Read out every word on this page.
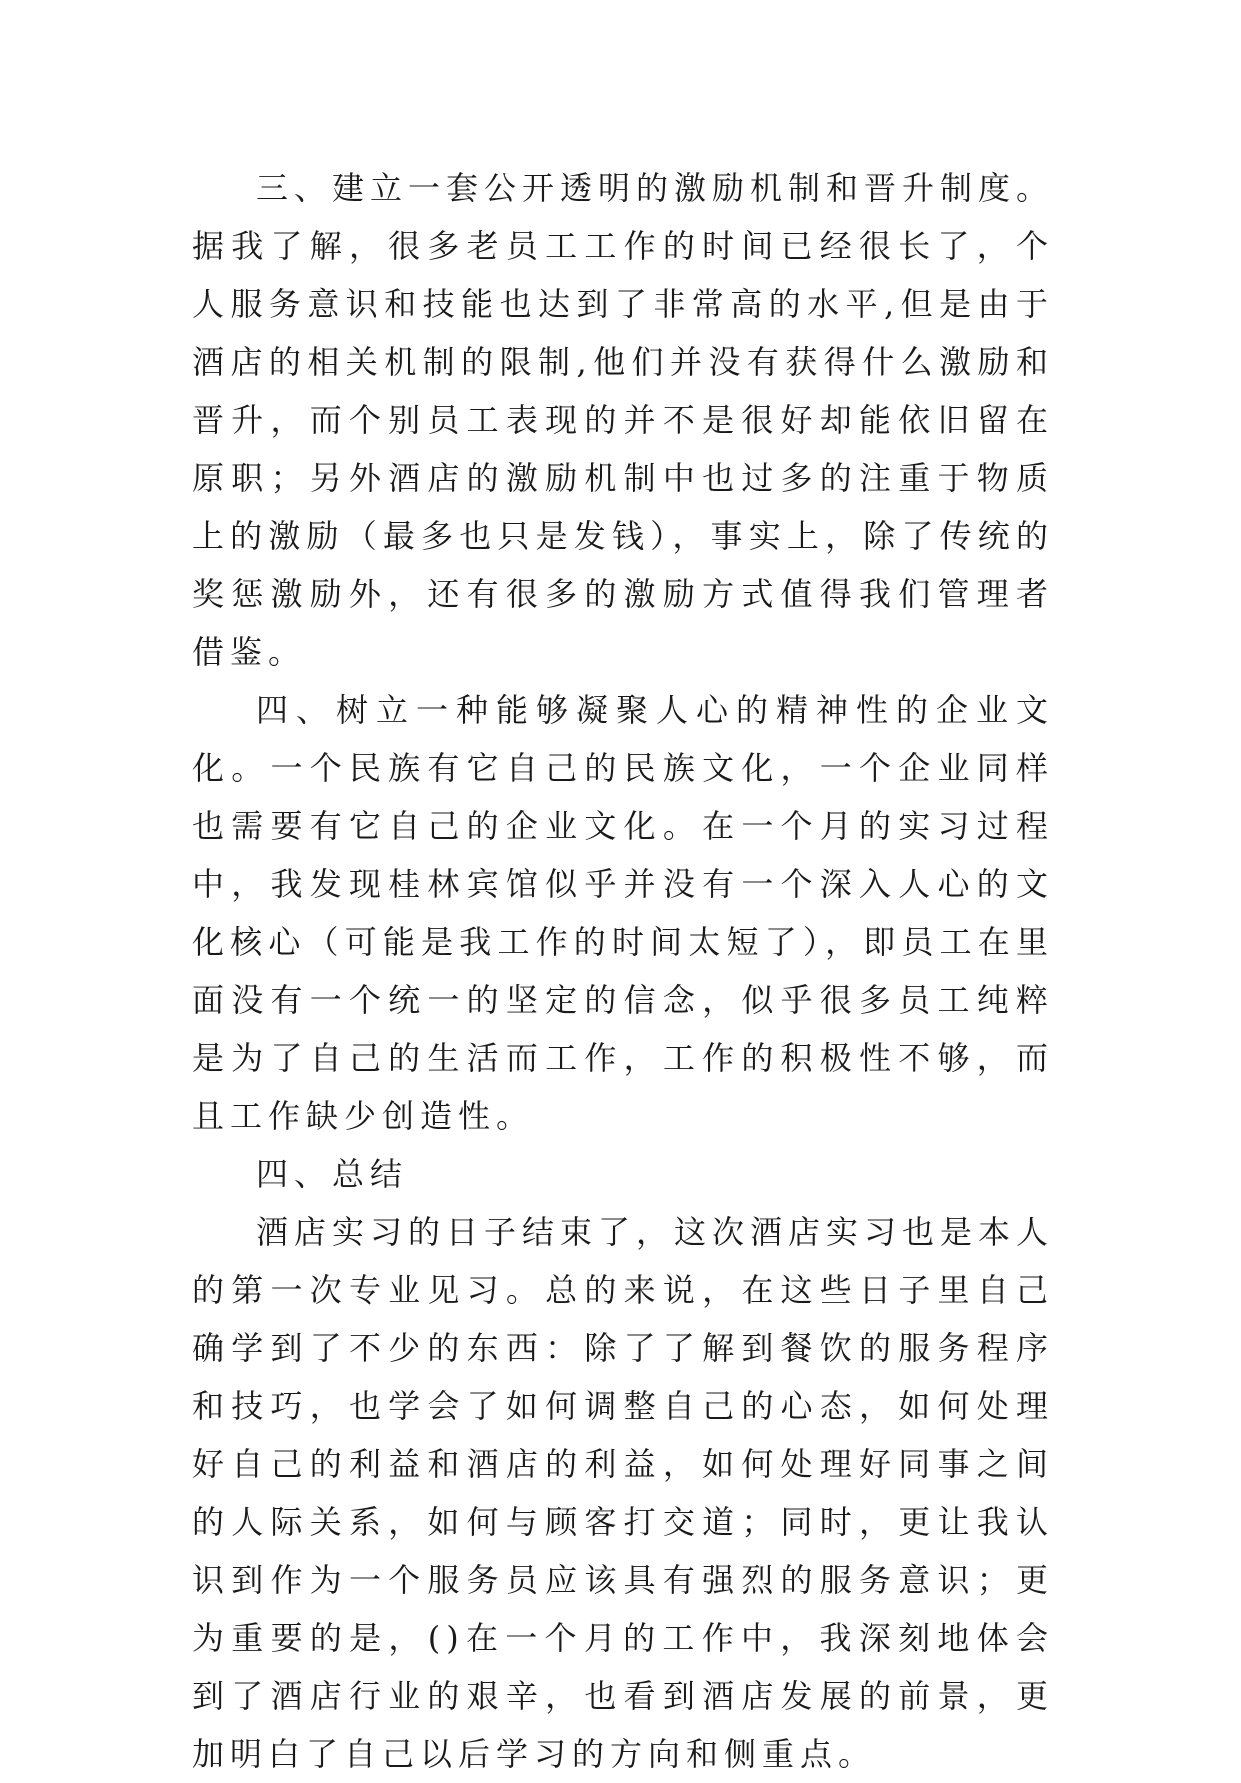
三、建立一套公开透明的激励机制和晋升制度。据我了解，很多老员工工作的时间已经很长了，个人服务意识和技能也达到了非常高的水平,但是由于酒店的相关机制的限制,他们并没有获得什么激励和晋升，而个别员工表现的并不是很好却能依旧留在原职；另外酒店的激励机制中也过多的注重于物质上的激励（最多也只是发钱），事实上，除了传统的奖惩激励外，还有很多的激励方式值得我们管理者借鉴。

四、树立一种能够凝聚人心的精神性的企业文化。一个民族有它自己的民族文化，一个企业同样也需要有它自己的企业文化。在一个月的实习过程中，我发现桂林宾馆似乎并没有一个深入人心的文化核心（可能是我工作的时间太短了），即员工在里面没有一个统一的坚定的信念，似乎很多员工纯粹是为了自己的生活而工作，工作的积极性不够，而且工作缺少创造性。

四、总结

酒店实习的日子结束了，这次酒店实习也是本人的第一次专业见习。总的来说，在这些日子里自己确学到了不少的东西：除了了解到餐饮的服务程序和技巧，也学会了如何调整自己的心态，如何处理好自己的利益和酒店的利益，如何处理好同事之间的人际关系，如何与顾客打交道；同时，更让我认识到作为一个服务员应该具有强烈的服务意识；更为重要的是，()在一个月的工作中，我深刻地体会到了酒店行业的艰辛，也看到酒店发展的前景，更加明白了自己以后学习的方向和侧重点。
